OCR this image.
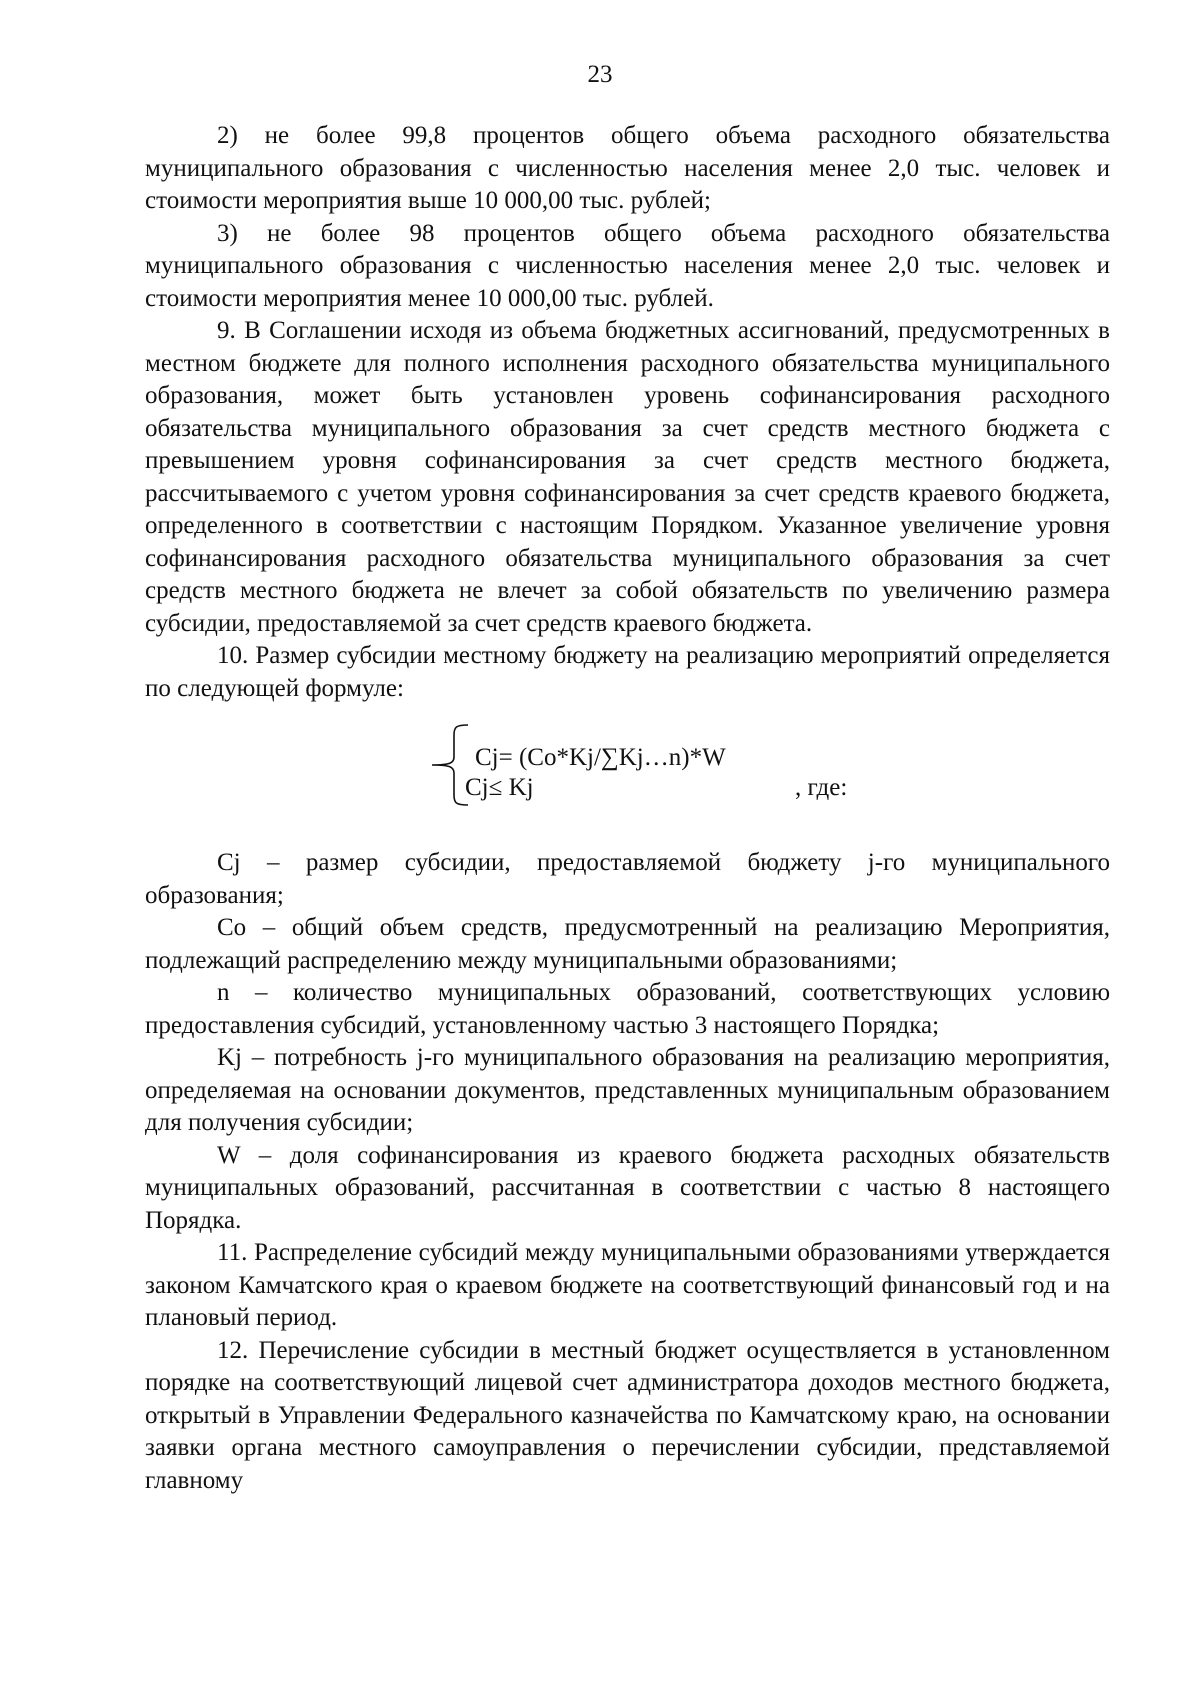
23

2) не более 99,8 процентов общего объема расходного обязательства муниципального образования с численностью населения менее 2,0 тыс. человек и стоимости мероприятия выше 10 000,00 тыс. рублей;

3) не более 98 процентов общего объема расходного обязательства муниципального образования с численностью населения менее 2,0 тыс. человек и стоимости мероприятия менее 10 000,00 тыс. рублей.

9. В Соглашении исходя из объема бюджетных ассигнований, предусмотренных в местном бюджете для полного исполнения расходного обязательства муниципального образования, может быть установлен уровень софинансирования расходного обязательства муниципального образования за счет средств местного бюджета с превышением уровня софинансирования за счет средств местного бюджета, рассчитываемого с учетом уровня софинансирования за счет средств краевого бюджета, определенного в соответствии с настоящим Порядком. Указанное увеличение уровня софинансирования расходного обязательства муниципального образования за счет средств местного бюджета не влечет за собой обязательств по увеличению размера субсидии, предоставляемой за счет средств краевого бюджета.

10. Размер субсидии местному бюджету на реализацию мероприятий определяется по следующей формуле:

Cj= (Co*Kj/∑Kj…n)*W
Cj≤ Kj	, где:

Cj – размер субсидии, предоставляемой бюджету j-го муниципального образования;

Co – общий объем средств, предусмотренный на реализацию Мероприятия, подлежащий распределению между муниципальными образованиями;

n – количество муниципальных образований, соответствующих условию предоставления субсидий, установленному частью 3 настоящего Порядка;

Kj – потребность j-го муниципального образования на реализацию мероприятия, определяемая на основании документов, представленных муниципальным образованием для получения субсидии;

W – доля софинансирования из краевого бюджета расходных обязательств муниципальных образований, рассчитанная в соответствии с частью 8 настоящего Порядка.

11. Распределение субсидий между муниципальными образованиями утверждается законом Камчатского края о краевом бюджете на соответствующий финансовый год и на плановый период.

12. Перечисление субсидии в местный бюджет осуществляется в установленном порядке на соответствующий лицевой счет администратора доходов местного бюджета, открытый в Управлении Федерального казначейства по Камчатскому краю, на основании заявки органа местного самоуправления о перечислении субсидии, представляемой главному
